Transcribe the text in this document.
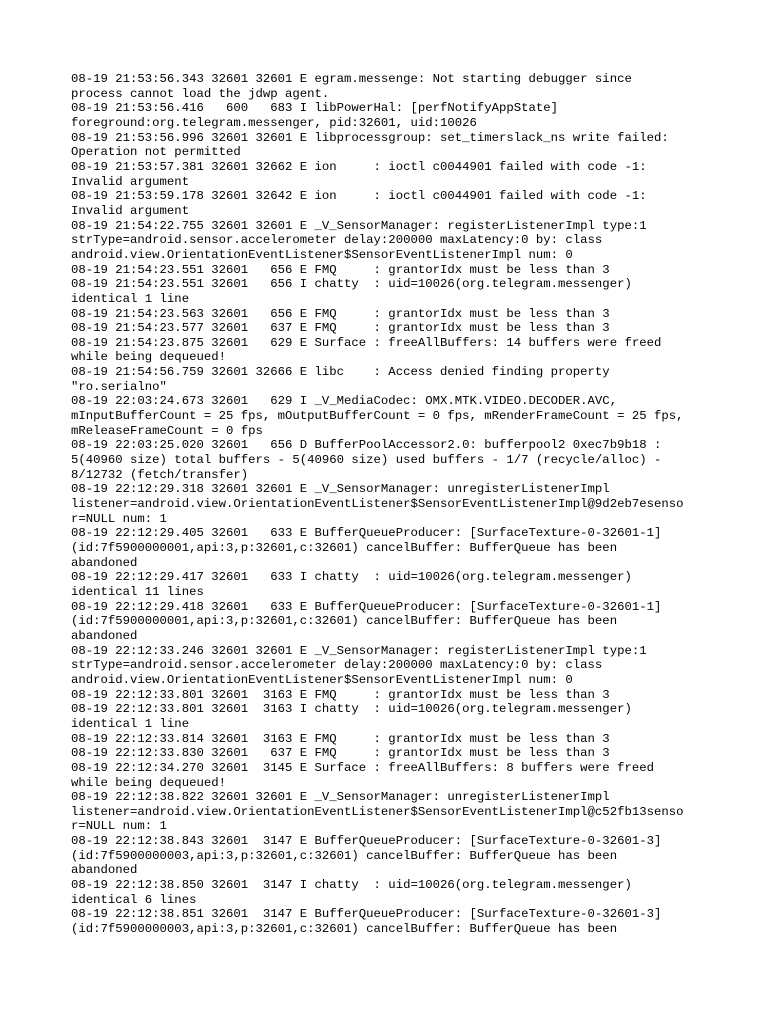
08-19 21:53:56.343 32601 32601 E egram.messenge: Not starting debugger since
process cannot load the jdwp agent.
08-19 21:53:56.416   600   683 I libPowerHal: [perfNotifyAppState]
foreground:org.telegram.messenger, pid:32601, uid:10026
08-19 21:53:56.996 32601 32601 E libprocessgroup: set_timerslack_ns write failed:
Operation not permitted
08-19 21:53:57.381 32601 32662 E ion     : ioctl c0044901 failed with code -1:
Invalid argument
08-19 21:53:59.178 32601 32642 E ion     : ioctl c0044901 failed with code -1:
Invalid argument
08-19 21:54:22.755 32601 32601 E _V_SensorManager: registerListenerImpl type:1
strType=android.sensor.accelerometer delay:200000 maxLatency:0 by: class
android.view.OrientationEventListener$SensorEventListenerImpl num: 0
08-19 21:54:23.551 32601   656 E FMQ     : grantorIdx must be less than 3
08-19 21:54:23.551 32601   656 I chatty  : uid=10026(org.telegram.messenger)
identical 1 line
08-19 21:54:23.563 32601   656 E FMQ     : grantorIdx must be less than 3
08-19 21:54:23.577 32601   637 E FMQ     : grantorIdx must be less than 3
08-19 21:54:23.875 32601   629 E Surface : freeAllBuffers: 14 buffers were freed
while being dequeued!
08-19 21:54:56.759 32601 32666 E libc    : Access denied finding property
"ro.serialno"
08-19 22:03:24.673 32601   629 I _V_MediaCodec: OMX.MTK.VIDEO.DECODER.AVC,
mInputBufferCount = 25 fps, mOutputBufferCount = 0 fps, mRenderFrameCount = 25 fps,
mReleaseFrameCount = 0 fps
08-19 22:03:25.020 32601   656 D BufferPoolAccessor2.0: bufferpool2 0xec7b9b18 :
5(40960 size) total buffers - 5(40960 size) used buffers - 1/7 (recycle/alloc) -
8/12732 (fetch/transfer)
08-19 22:12:29.318 32601 32601 E _V_SensorManager: unregisterListenerImpl
listener=android.view.OrientationEventListener$SensorEventListenerImpl@9d2eb7esenso
r=NULL num: 1
08-19 22:12:29.405 32601   633 E BufferQueueProducer: [SurfaceTexture-0-32601-1]
(id:7f5900000001,api:3,p:32601,c:32601) cancelBuffer: BufferQueue has been
abandoned
08-19 22:12:29.417 32601   633 I chatty  : uid=10026(org.telegram.messenger)
identical 11 lines
08-19 22:12:29.418 32601   633 E BufferQueueProducer: [SurfaceTexture-0-32601-1]
(id:7f5900000001,api:3,p:32601,c:32601) cancelBuffer: BufferQueue has been
abandoned
08-19 22:12:33.246 32601 32601 E _V_SensorManager: registerListenerImpl type:1
strType=android.sensor.accelerometer delay:200000 maxLatency:0 by: class
android.view.OrientationEventListener$SensorEventListenerImpl num: 0
08-19 22:12:33.801 32601  3163 E FMQ     : grantorIdx must be less than 3
08-19 22:12:33.801 32601  3163 I chatty  : uid=10026(org.telegram.messenger)
identical 1 line
08-19 22:12:33.814 32601  3163 E FMQ     : grantorIdx must be less than 3
08-19 22:12:33.830 32601   637 E FMQ     : grantorIdx must be less than 3
08-19 22:12:34.270 32601  3145 E Surface : freeAllBuffers: 8 buffers were freed
while being dequeued!
08-19 22:12:38.822 32601 32601 E _V_SensorManager: unregisterListenerImpl
listener=android.view.OrientationEventListener$SensorEventListenerImpl@c52fb13senso
r=NULL num: 1
08-19 22:12:38.843 32601  3147 E BufferQueueProducer: [SurfaceTexture-0-32601-3]
(id:7f5900000003,api:3,p:32601,c:32601) cancelBuffer: BufferQueue has been
abandoned
08-19 22:12:38.850 32601  3147 I chatty  : uid=10026(org.telegram.messenger)
identical 6 lines
08-19 22:12:38.851 32601  3147 E BufferQueueProducer: [SurfaceTexture-0-32601-3]
(id:7f5900000003,api:3,p:32601,c:32601) cancelBuffer: BufferQueue has been
